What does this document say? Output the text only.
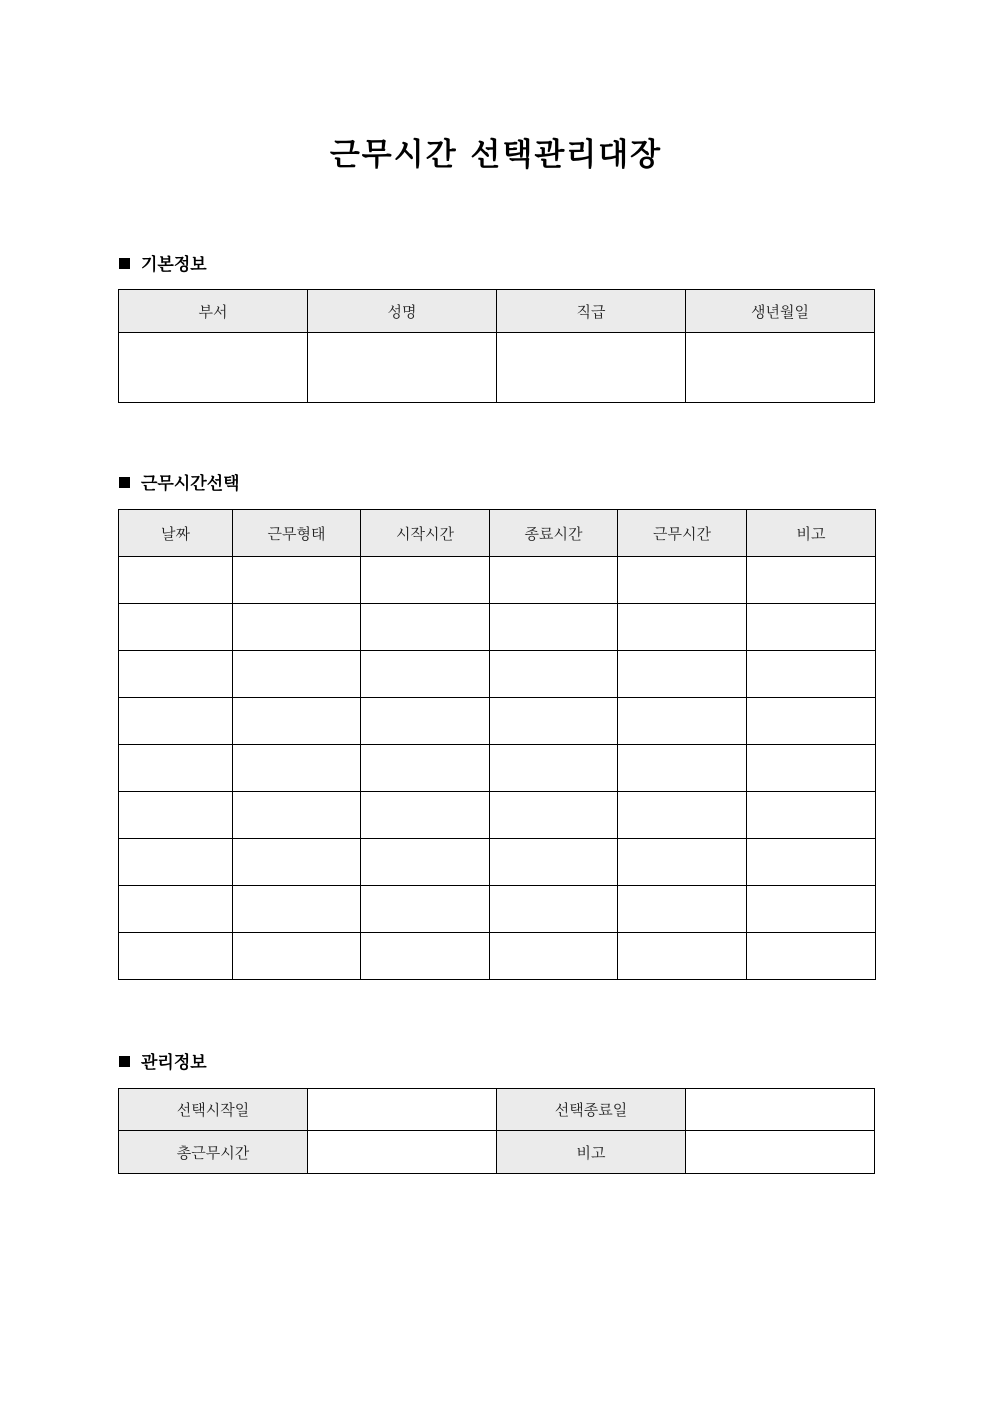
근무시간 선택관리대장
기본정보
부서	성명	직급	생년월일

근무시간선택
날짜	근무형태	시작시간	종료시간	근무시간	비고

관리정보
선택시작일		선택종료일	
총근무시간		비고	
